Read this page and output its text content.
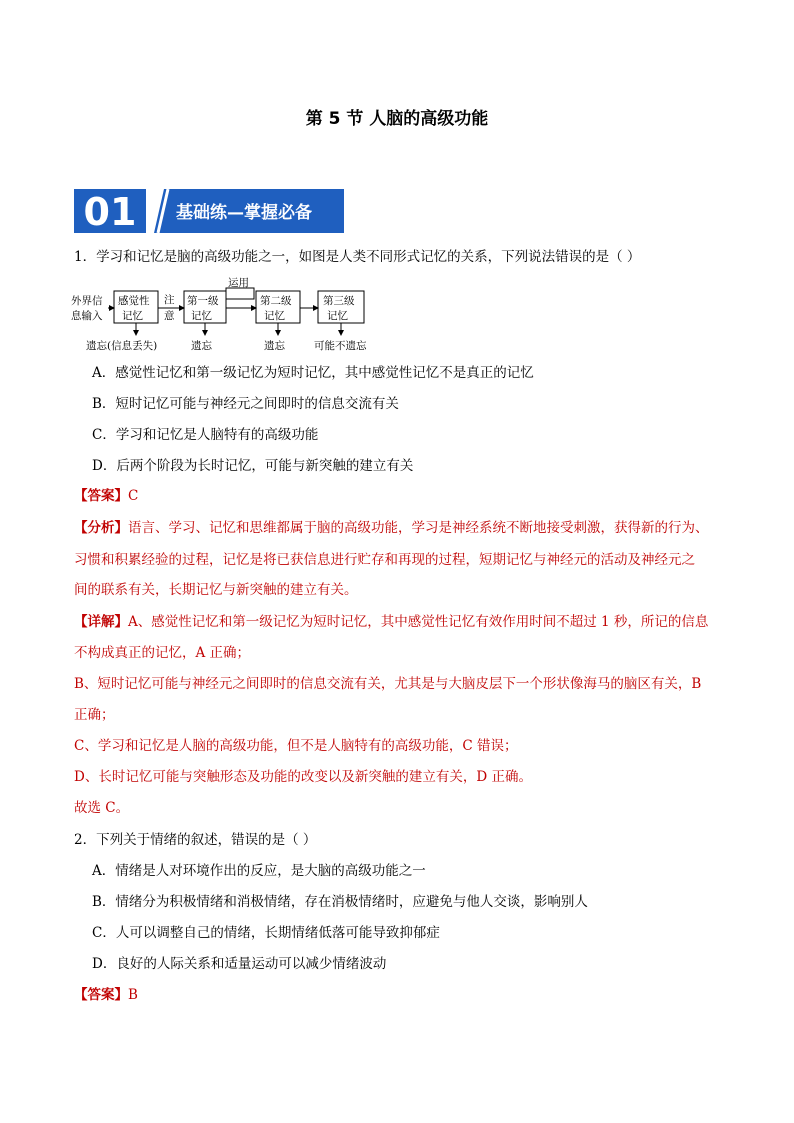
第 5 节 人脑的高级功能
01 基础练—掌握必备
1．学习和记忆是脑的高级功能之一，如图是人类不同形式记忆的关系，下列说法错误的是（ ）
外界信
息输入
感觉性
记忆
注
意
第一级
记忆
运用
第二级
记忆
第三级
记忆
遗忘(信息丢失)	遗忘	遗忘	可能不遗忘
A．感觉性记忆和第一级记忆为短时记忆，其中感觉性记忆不是真正的记忆
B．短时记忆可能与神经元之间即时的信息交流有关
C．学习和记忆是人脑特有的高级功能
D．后两个阶段为长时记忆，可能与新突触的建立有关
【答案】C
【分析】语言、学习、记忆和思维都属于脑的高级功能，学习是神经系统不断地接受刺激，获得新的行为、
习惯和积累经验的过程，记忆是将已获信息进行贮存和再现的过程，短期记忆与神经元的活动及神经元之
间的联系有关，长期记忆与新突触的建立有关。
【详解】A、感觉性记忆和第一级记忆为短时记忆，其中感觉性记忆有效作用时间不超过 1 秒，所记的信息
不构成真正的记忆，A 正确；
B、短时记忆可能与神经元之间即时的信息交流有关，尤其是与大脑皮层下一个形状像海马的脑区有关，B
正确；
C、学习和记忆是人脑的高级功能，但不是人脑特有的高级功能，C 错误；
D、长时记忆可能与突触形态及功能的改变以及新突触的建立有关，D 正确。
故选 C。
2．下列关于情绪的叙述，错误的是（ ）
A．情绪是人对环境作出的反应，是大脑的高级功能之一
B．情绪分为积极情绪和消极情绪，存在消极情绪时，应避免与他人交谈，影响别人
C．人可以调整自己的情绪，长期情绪低落可能导致抑郁症
D．良好的人际关系和适量运动可以减少情绪波动
【答案】B
